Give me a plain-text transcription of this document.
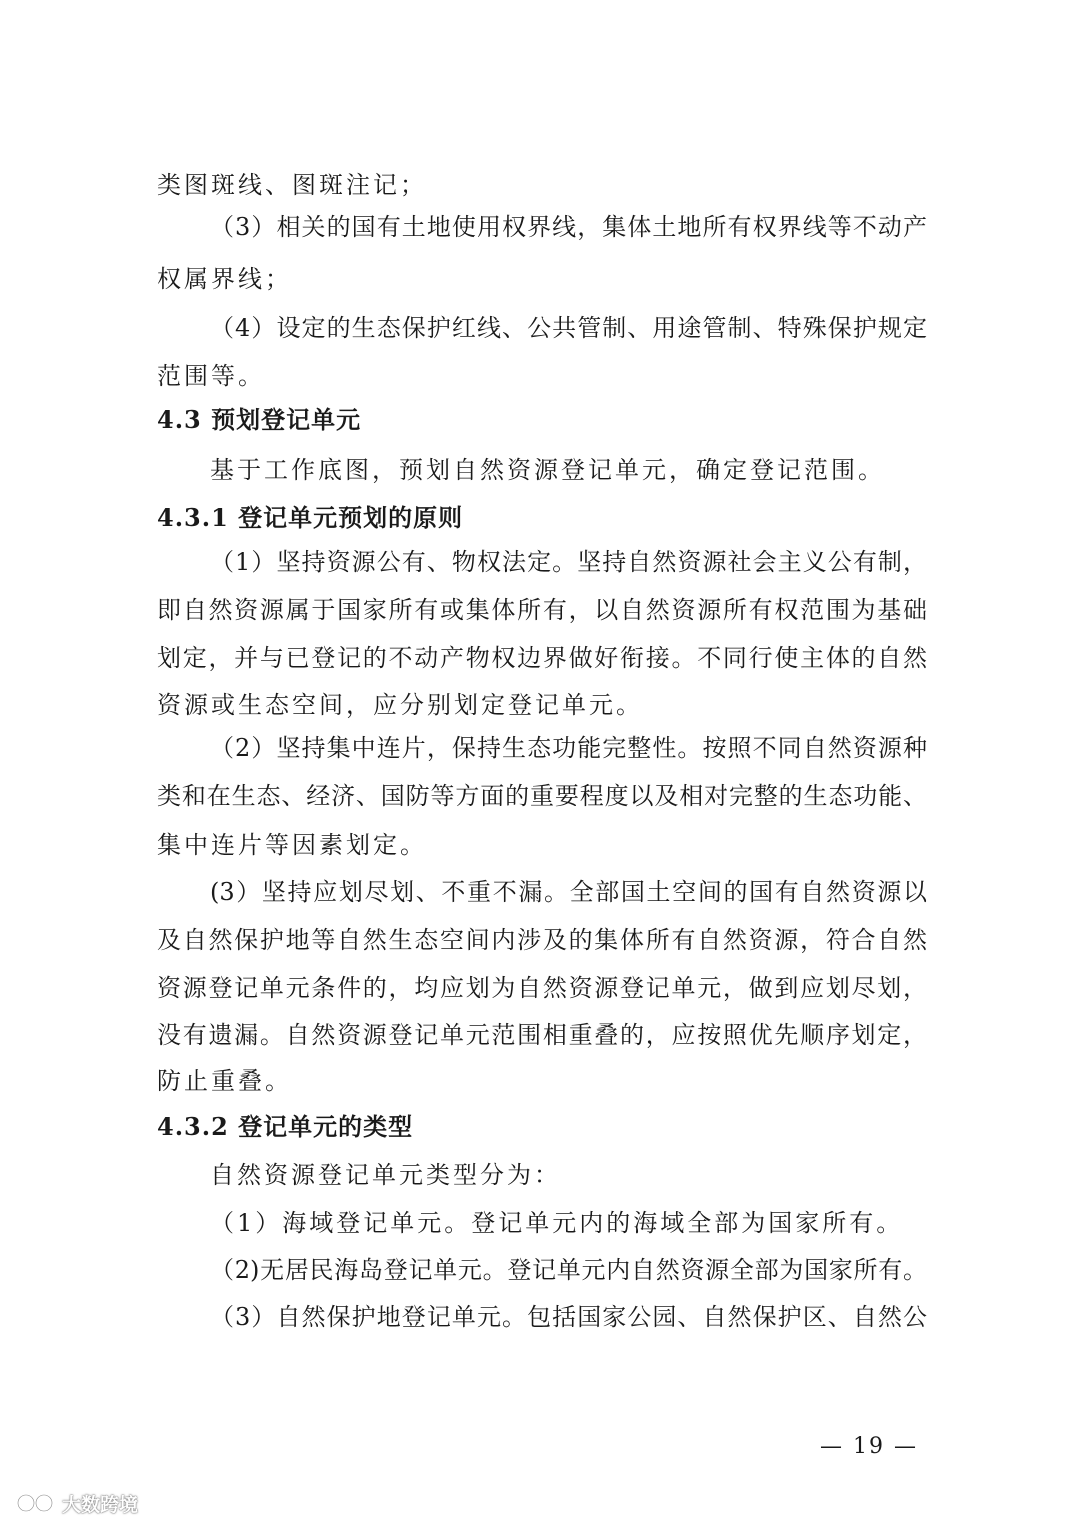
类图斑线、图斑注记；

（3）相关的国有土地使用权界线，集体土地所有权界线等不动产

权属界线；

（4）设定的生态保护红线、公共管制、用途管制、特殊保护规定

范围等。

4.3 预划登记单元

基于工作底图，预划自然资源登记单元，确定登记范围。

4.3.1 登记单元预划的原则

（1）坚持资源公有、物权法定。坚持自然资源社会主义公有制，

即自然资源属于国家所有或集体所有，以自然资源所有权范围为基础

划定，并与已登记的不动产物权边界做好衔接。不同行使主体的自然

资源或生态空间，应分别划定登记单元。

（2）坚持集中连片，保持生态功能完整性。按照不同自然资源种

类和在生态、经济、国防等方面的重要程度以及相对完整的生态功能、

集中连片等因素划定。

(3）坚持应划尽划、不重不漏。全部国土空间的国有自然资源以

及自然保护地等自然生态空间内涉及的集体所有自然资源，符合自然

资源登记单元条件的，均应划为自然资源登记单元，做到应划尽划，

没有遗漏。自然资源登记单元范围相重叠的，应按照优先顺序划定，

防止重叠。

4.3.2 登记单元的类型

自然资源登记单元类型分为：

（1）海域登记单元。登记单元内的海域全部为国家所有。

（2)无居民海岛登记单元。登记单元内自然资源全部为国家所有。

（3）自然保护地登记单元。包括国家公园、自然保护区、自然公

— 19 —
大数跨境
